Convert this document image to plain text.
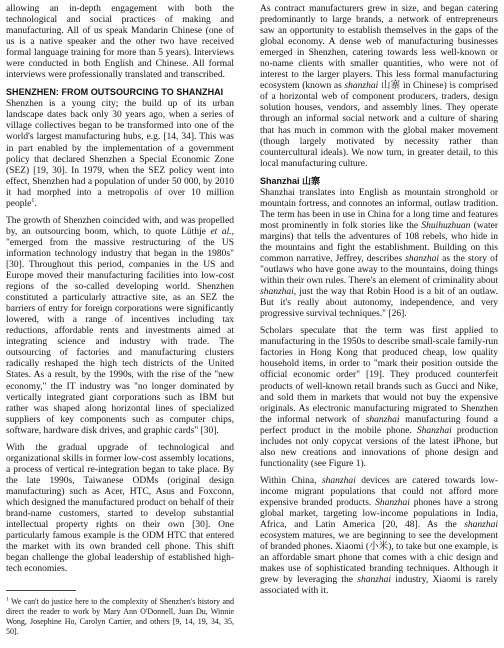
allowing an in-depth engagement with both the technological and social practices of making and manufacturing. All of us speak Mandarin Chinese (one of us is a native speaker and the other two have received formal language training for more than 5 years). Interviews were conducted in both English and Chinese. All formal interviews were professionally translated and transcribed.

SHENZHEN: FROM OUTSOURCING TO SHANZHAI

Shenzhen is a young city; the build up of its urban landscape dates back only 30 years ago, when a series of village collectives began to be transformed into one of the world's largest manufacturing hubs, e.g. [14, 34]. This was in part enabled by the implementation of a government policy that declared Shenzhen a Special Economic Zone (SEZ) [19, 30]. In 1979, when the SEZ policy went into effect, Shenzhen had a population of under 50 000, by 2010 it had morphed into a metropolis of over 10 million people$^1$.

The growth of Shenzhen coincided with, and was propelled by, an outsourcing boom, which, to quote Lüthje et al., "emerged from the massive restructuring of the US information technology industry that began in the 1980s" [30]. Throughout this period, companies in the US and Europe moved their manufacturing facilities into low-cost regions of the so-called developing world. Shenzhen constituted a particularly attractive site, as an SEZ the barriers of entry for foreign corporations were significantly lowered, with a range of incentives including tax reductions, affordable rents and investments aimed at integrating science and industry with trade. The outsourcing of factories and manufacturing clusters radically reshaped the high tech districts of the United States. As a result, by the 1990s, with the rise of the "new economy," the IT industry was "no longer dominated by vertically integrated giant corporations such as IBM but rather was shaped along horizontal lines of specialized suppliers of key components such as computer chips, software, hardware disk drives, and graphic cards" [30].

With the gradual upgrade of technological and organizational skills in former low-cost assembly locations, a process of vertical re-integration began to take place. By the late 1990s, Taiwanese ODMs (original design manufacturing) such as Acer, HTC, Asus and Foxconn, which designed the manufactured product on behalf of their brand-name customers, started to develop substantial intellectual property rights on their own [30]. One particularly famous example is the ODM HTC that entered the market with its own branded cell phone. This shift began challenge the global leadership of established high-tech economies.

$^1$ We can't do justice here to the complexity of Shenzhen's history and direct the reader to work by Mary Ann O'Donnell, Juan Du, Winnie Wong, Josephine Ho, Carolyn Cartier, and others [9, 14, 19, 34, 35, 50].

As contract manufacturers grew in size, and began catering predominantly to large brands, a network of entrepreneurs saw an opportunity to establish themselves in the gaps of the global economy. A dense web of manufacturing businesses emerged in Shenzhen, catering towards less well-known or no-name clients with smaller quantities, who were not of interest to the larger players. This less formal manufacturing ecosystem (known as shanzhai 山寨 in Chinese) is comprised of a horizontal web of component producers, traders, design solution houses, vendors, and assembly lines. They operate through an informal social network and a culture of sharing that has much in common with the global maker movement (though largely motivated by necessity rather than countercultural ideals). We now turn, in greater detail, to this local manufacturing culture.

Shanzhai 山寨

Shanzhai translates into English as mountain stronghold or mountain fortress, and connotes an informal, outlaw tradition. The term has been in use in China for a long time and features most prominently in folk stories like the Shuihuzhuan (water margins) that tells the adventures of 108 rebels, who hide in the mountains and fight the establishment. Building on this common narrative, Jeffrey, describes shanzhai as the story of "outlaws who have gone away to the mountains, doing things within their own rules. There's an element of criminality about shanzhai, just the way that Robin Hood is a bit of an outlaw. But it's really about autonomy, independence, and very progressive survival techniques." [26].

Scholars speculate that the term was first applied to manufacturing in the 1950s to describe small-scale family-run factories in Hong Kong that produced cheap, low quality household items, in order to "mark their position outside the official economic order" [19]. They produced counterfeit products of well-known retail brands such as Gucci and Nike, and sold them in markets that would not buy the expensive originals. As electronic manufacturing migrated to Shenzhen the informal network of shanzhai manufacturing found a perfect product in the mobile phone. Shanzhai production includes not only copycat versions of the latest iPhone, but also new creations and innovations of phone design and functionality (see Figure 1).

Within China, shanzhai devices are catered towards low-income migrant populations that could not afford more expensive branded products. Shanzhai phones have a strong global market, targeting low-income populations in India, Africa, and Latin America [20, 48]. As the shanzhai ecosystem matures, we are beginning to see the development of branded phones. Xiaomi (小米), to take but one example, is an affordable smart phone that comes with a chic design and makes use of sophisticated branding techniques. Although it grew by leveraging the shanzhai industry, Xiaomi is rarely associated with it.
